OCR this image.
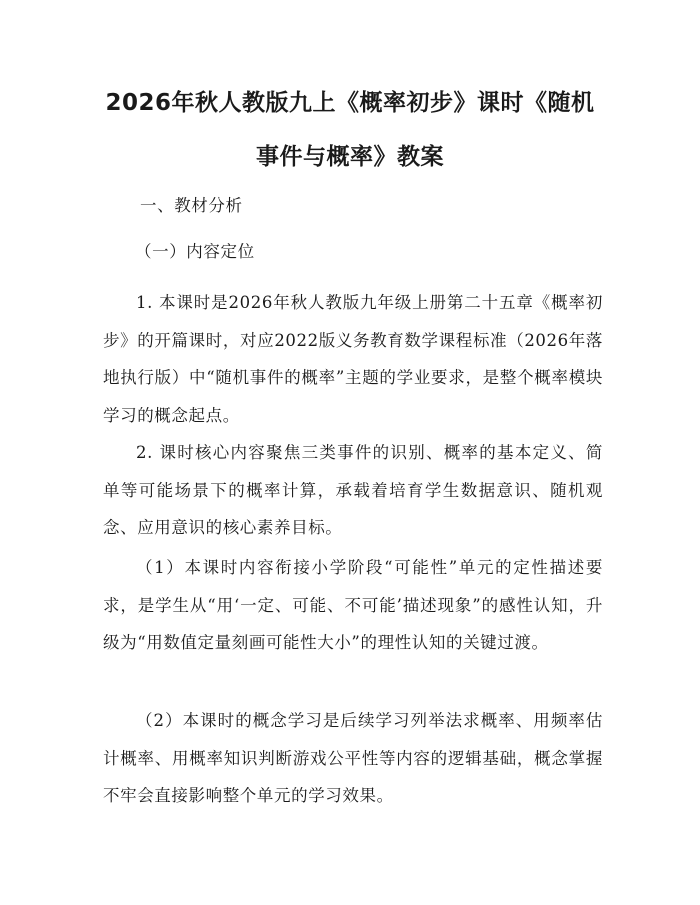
2026年秋人教版九上《概率初步》课时《随机事件与概率》教案

一、教材分析

（一）内容定位

1. 本课时是2026年秋人教版九年级上册第二十五章《概率初步》的开篇课时，对应2022版义务教育数学课程标准（2026年落地执行版）中“随机事件的概率”主题的学业要求，是整个概率模块学习的概念起点。

2. 课时核心内容聚焦三类事件的识别、概率的基本定义、简单等可能场景下的概率计算，承载着培育学生数据意识、随机观念、应用意识的核心素养目标。

（1）本课时内容衔接小学阶段“可能性”单元的定性描述要求，是学生从“用‘一定、可能、不可能’描述现象”的感性认知，升级为“用数值定量刻画可能性大小”的理性认知的关键过渡。

（2）本课时的概念学习是后续学习列举法求概率、用频率估计概率、用概率知识判断游戏公平性等内容的逻辑基础，概念掌握不牢会直接影响整个单元的学习效果。
